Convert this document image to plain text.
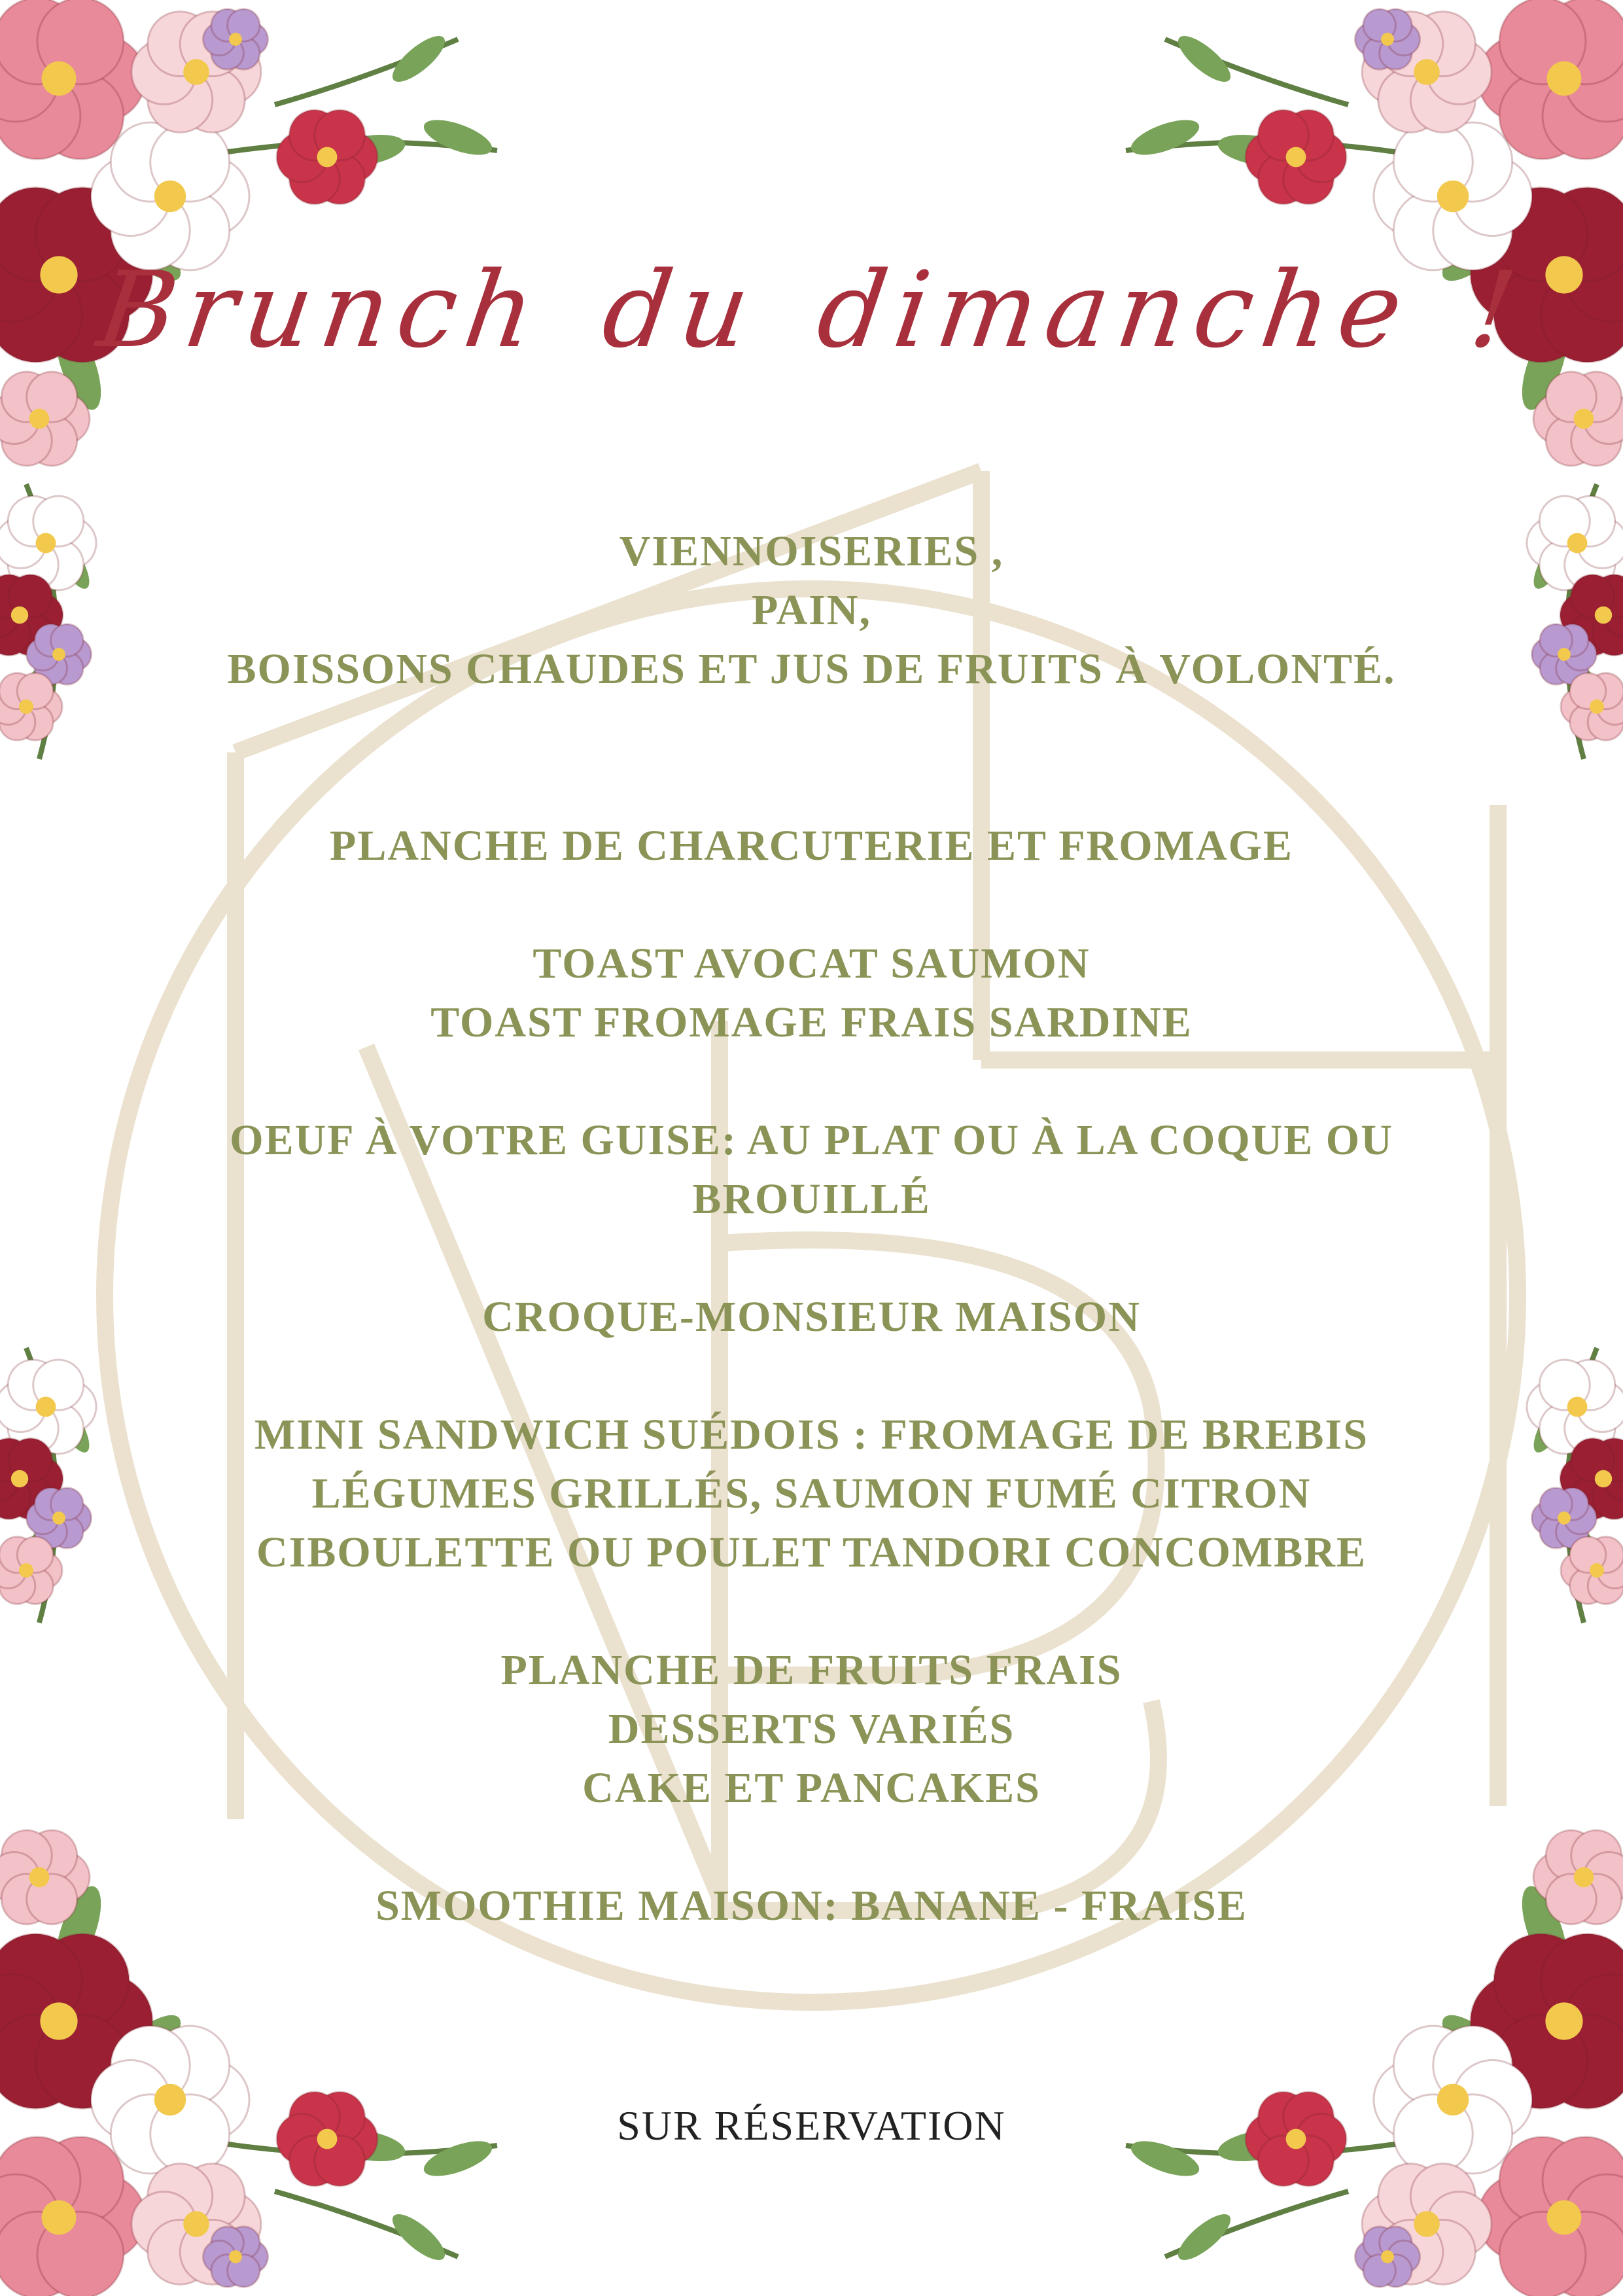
Brunch du dimanche !
VIENNOISERIES ,
PAIN,
BOISSONS CHAUDES ET JUS DE FRUITS À VOLONTÉ.
PLANCHE DE CHARCUTERIE ET FROMAGE
TOAST AVOCAT SAUMON
TOAST FROMAGE FRAIS SARDINE
OEUF À VOTRE GUISE: AU PLAT OU À LA COQUE OU
BROUILLÉ
CROQUE-MONSIEUR MAISON
MINI SANDWICH SUÉDOIS : FROMAGE DE BREBIS
LÉGUMES GRILLÉS, SAUMON FUMÉ CITRON
CIBOULETTE OU POULET TANDORI CONCOMBRE
PLANCHE DE FRUITS FRAIS
DESSERTS VARIÉS
CAKE ET PANCAKES
SMOOTHIE MAISON: BANANE - FRAISE
SUR RÉSERVATION
